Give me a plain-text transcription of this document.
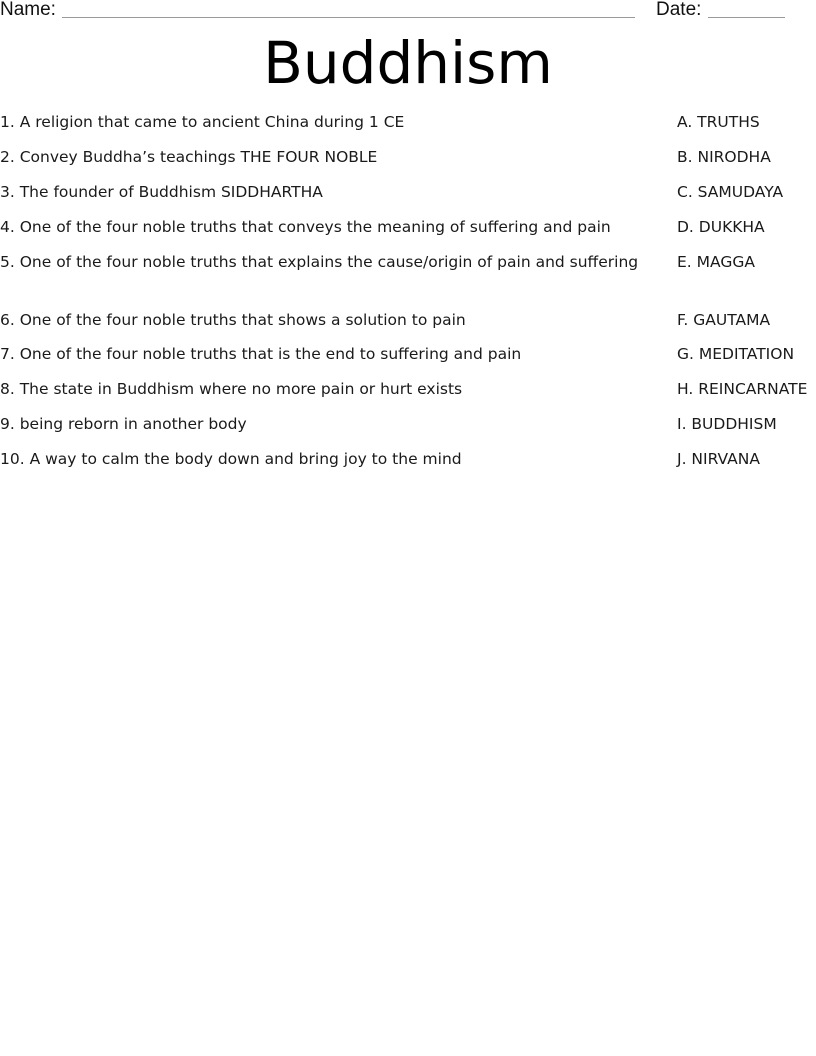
Name:	Date:
Buddhism
1. A religion that came to ancient China during 1 CE
2. Convey Buddha’s teachings THE FOUR NOBLE
3. The founder of Buddhism SIDDHARTHA
4. One of the four noble truths that conveys the meaning of suffering and pain
5. One of the four noble truths that explains the cause/origin of pain and suffering
6. One of the four noble truths that shows a solution to pain
7. One of the four noble truths that is the end to suffering and pain
8. The state in Buddhism where no more pain or hurt exists
9. being reborn in another body
10. A way to calm the body down and bring joy to the mind
A. TRUTHS
B. NIRODHA
C. SAMUDAYA
D. DUKKHA
E. MAGGA
F. GAUTAMA
G. MEDITATION
H. REINCARNATE
I. BUDDHISM
J. NIRVANA
